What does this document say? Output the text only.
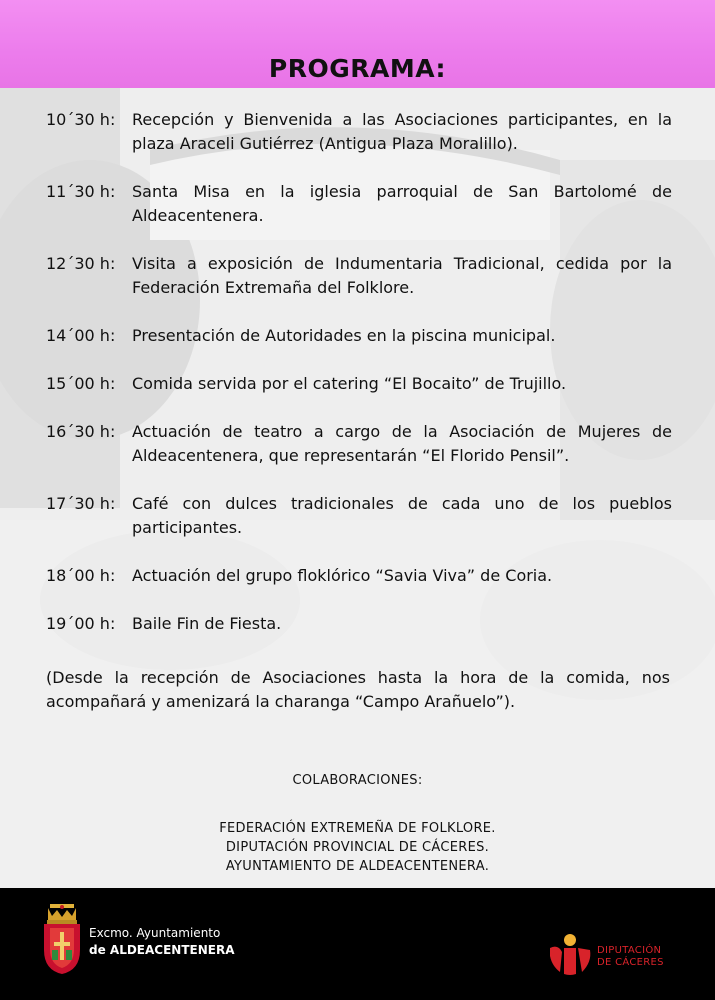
PROGRAMA:
10´30 h:	Recepción y Bienvenida a las Asociaciones participantes, en la plaza Araceli Gutiérrez (Antigua Plaza Moralillo).
11´30 h:	Santa Misa en la iglesia parroquial de San Bartolomé de Aldeacentenera.
12´30 h:	Visita a exposición de Indumentaria Tradicional, cedida por la Federación Extremaña del Folklore.
14´00 h:	Presentación de Autoridades en la piscina municipal.
15´00 h:	Comida servida por el catering “El Bocaito” de Trujillo.
16´30 h:	Actuación de teatro a cargo de la Asociación de Mujeres de Aldeacentenera, que representarán “El Florido Pensil”.
17´30 h:	Café con dulces tradicionales de cada uno de los pueblos participantes.
18´00 h:	Actuación del grupo floklórico “Savia Viva” de Coria.
19´00 h:	Baile Fin de Fiesta.
(Desde la recepción de Asociaciones hasta la hora de la comida, nos acompañará y amenizará la charanga “Campo Arañuelo”).
COLABORACIONES:
FEDERACIÓN EXTREMEÑA DE FOLKLORE.
DIPUTACIÓN PROVINCIAL DE CÁCERES.
AYUNTAMIENTO DE ALDEACENTENERA.
Excmo. Ayuntamiento
de ALDEACENTENERA	DIPUTACIÓN
DE CÁCERES
